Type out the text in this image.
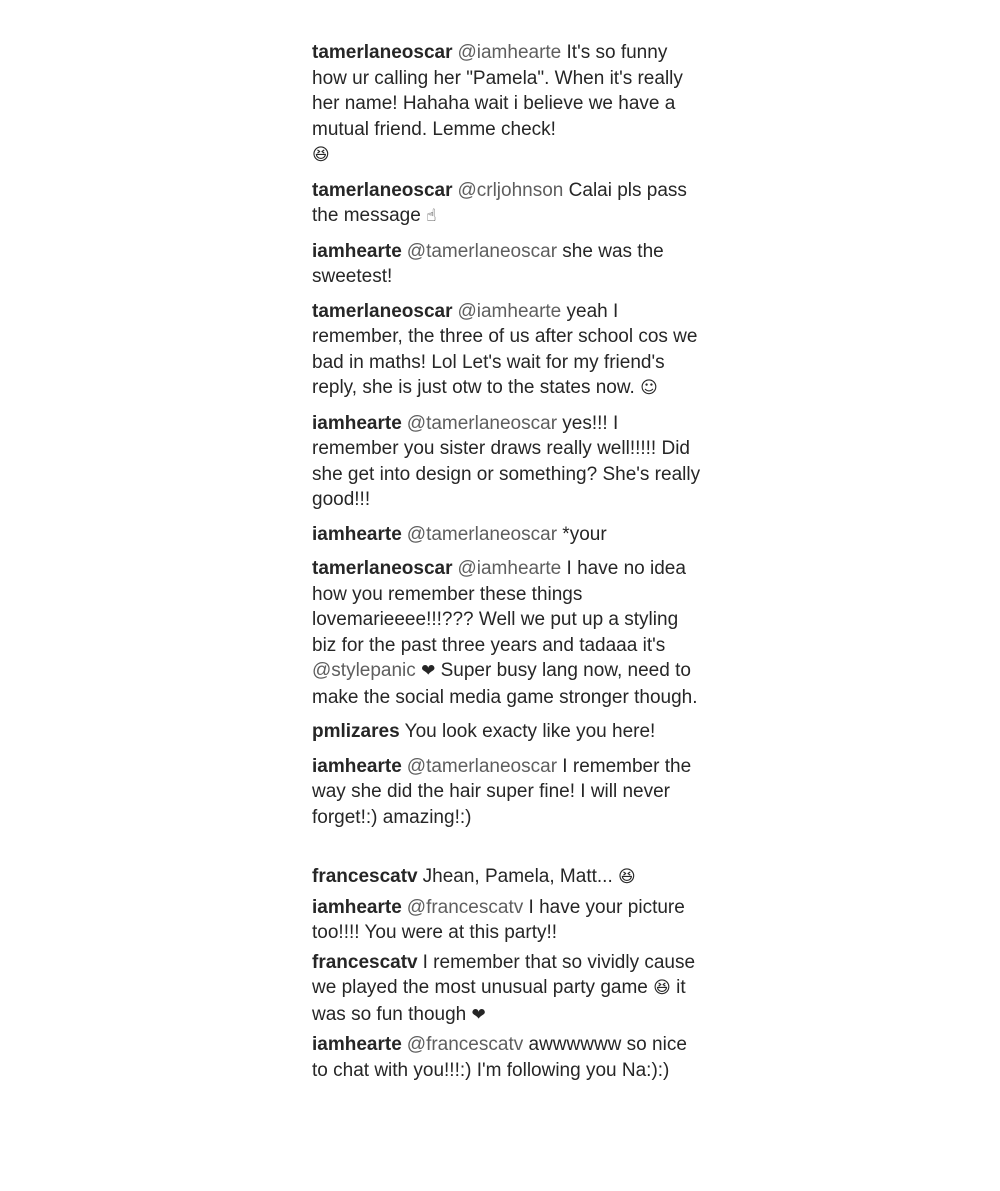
tamerlaneoscar @iamhearte It's so funny how ur calling her "Pamela". When it's really her name! Hahaha wait i believe we have a mutual friend. Lemme check!
😆
tamerlaneoscar @crljohnson Calai pls pass the message ☝
iamhearte @tamerlaneoscar she was the sweetest!
tamerlaneoscar @iamhearte yeah I remember, the three of us after school cos we bad in maths! Lol Let's wait for my friend's reply, she is just otw to the states now. ☺
iamhearte @tamerlaneoscar yes!!! I remember you sister draws really well!!!!! Did she get into design or something? She's really good!!!
iamhearte @tamerlaneoscar *your
tamerlaneoscar @iamhearte I have no idea how you remember these things lovemarieeee!!!??? Well we put up a styling biz for the past three years and tadaaa it's @stylepanic ❤ Super busy lang now, need to make the social media game stronger though.
pmlizares You look exacty like you here!
iamhearte @tamerlaneoscar I remember the way she did the hair super fine! I will never forget!:) amazing!:)
francescatv Jhean, Pamela, Matt... 😆
iamhearte @francescatv I have your picture too!!!! You were at this party!!
francescatv I remember that so vividly cause we played the most unusual party game 😆 it was so fun though ❤
iamhearte @francescatv awwwwww so nice to chat with you!!!:) I'm following you Na:):)
